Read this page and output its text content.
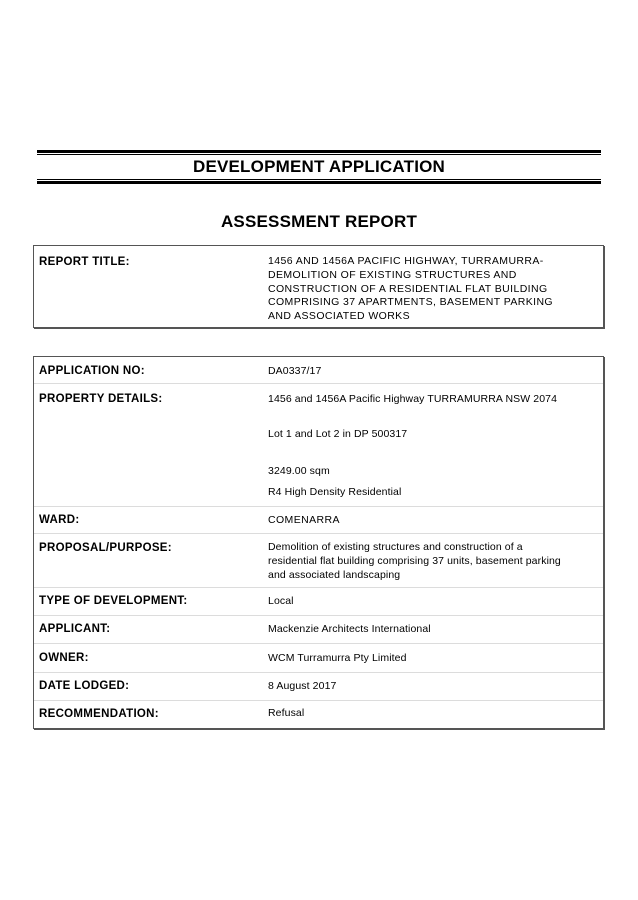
DEVELOPMENT APPLICATION
ASSESSMENT REPORT
REPORT TITLE:	1456 AND 1456A PACIFIC HIGHWAY, TURRAMURRA-
DEMOLITION OF EXISTING STRUCTURES AND
CONSTRUCTION OF A RESIDENTIAL FLAT BUILDING
COMPRISING 37 APARTMENTS, BASEMENT PARKING
AND ASSOCIATED WORKS
APPLICATION NO:	DA0337/17
PROPERTY DETAILS:	1456 and 1456A Pacific Highway TURRAMURRA NSW 2074
Lot 1 and Lot 2 in DP 500317
3249.00 sqm
R4 High Density Residential
WARD:	COMENARRA
PROPOSAL/PURPOSE:	Demolition of existing structures and construction of a
residential flat building comprising 37 units, basement parking
and associated landscaping
TYPE OF DEVELOPMENT:	Local
APPLICANT:	Mackenzie Architects International
OWNER:	WCM Turramurra Pty Limited
DATE LODGED:	8 August 2017
RECOMMENDATION:	Refusal
